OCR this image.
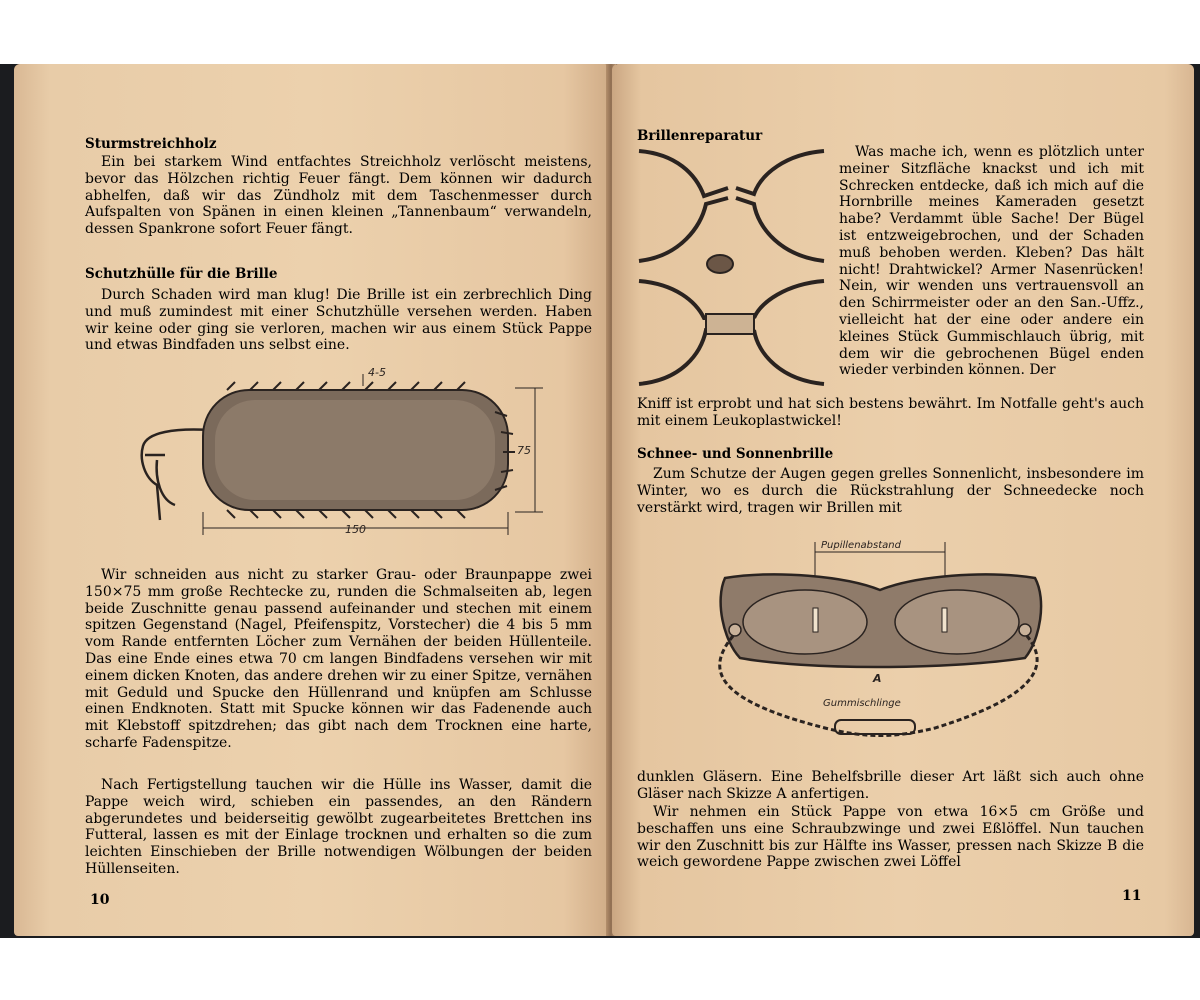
Sturmstreichholz
Ein bei starkem Wind entfachtes Streichholz verlöscht meistens, bevor das Hölzchen richtig Feuer fängt. Dem können wir dadurch abhelfen, daß wir das Zündholz mit dem Taschenmesser durch Aufspalten von Spänen in einen kleinen „Tannenbaum“ verwandeln, dessen Spankrone sofort Feuer fängt.
Schutzhülle für die Brille
Durch Schaden wird man klug! Die Brille ist ein zerbrechlich Ding und muß zumindest mit einer Schutzhülle versehen werden. Haben wir keine oder ging sie verloren, machen wir aus einem Stück Pappe und etwas Bindfaden uns selbst eine.
4-5
75
150
Wir schneiden aus nicht zu starker Grau- oder Braunpappe zwei 150×75 mm große Rechtecke zu, runden die Schmalseiten ab, legen beide Zuschnitte genau passend aufeinander und stechen mit einem spitzen Gegenstand (Nagel, Pfeifenspitz, Vorstecher) die 4 bis 5 mm vom Rande entfernten Löcher zum Vernähen der beiden Hüllenteile. Das eine Ende eines etwa 70 cm langen Bindfadens versehen wir mit einem dicken Knoten, das andere drehen wir zu einer Spitze, vernähen mit Geduld und Spucke den Hüllenrand und knüpfen am Schlusse einen Endknoten. Statt mit Spucke können wir das Fadenende auch mit Klebstoff spitzdrehen; das gibt nach dem Trocknen eine harte, scharfe Fadenspitze.
Nach Fertigstellung tauchen wir die Hülle ins Wasser, damit die Pappe weich wird, schieben ein passendes, an den Rändern abgerundetes und beiderseitig gewölbt zugearbeitetes Brettchen ins Futteral, lassen es mit der Einlage trocknen und erhalten so die zum leichten Einschieben der Brille notwendigen Wölbungen der beiden Hüllenseiten.
10
Brillenreparatur
Was mache ich, wenn es plötzlich unter meiner Sitzfläche knackst und ich mit Schrecken entdecke, daß ich mich auf die Hornbrille meines Kameraden gesetzt habe? Verdammt üble Sache! Der Bügel ist entzweigebrochen, und der Schaden muß behoben werden. Kleben? Das hält nicht! Drahtwickel? Armer Nasenrücken! Nein, wir wenden uns vertrauensvoll an den Schirrmeister oder an den San.-Uffz., vielleicht hat der eine oder andere ein kleines Stück Gummischlauch übrig, mit dem wir die gebrochenen Bügel enden wieder verbinden können. Der
Kniff ist erprobt und hat sich bestens bewährt. Im Notfalle geht's auch mit einem Leukoplastwickel!
Schnee- und Sonnenbrille
Zum Schutze der Augen gegen grelles Sonnenlicht, insbesondere im Winter, wo es durch die Rückstrahlung der Schneedecke noch verstärkt wird, tragen wir Brillen mit
Pupillenabstand
A
Gummischlinge
dunklen Gläsern. Eine Behelfsbrille dieser Art läßt sich auch ohne Gläser nach Skizze A anfertigen.
Wir nehmen ein Stück Pappe von etwa 16×5 cm Größe und beschaffen uns eine Schraubzwinge und zwei Eßlöffel. Nun tauchen wir den Zuschnitt bis zur Hälfte ins Wasser, pressen nach Skizze B die weich gewordene Pappe zwischen zwei Löffel
11
